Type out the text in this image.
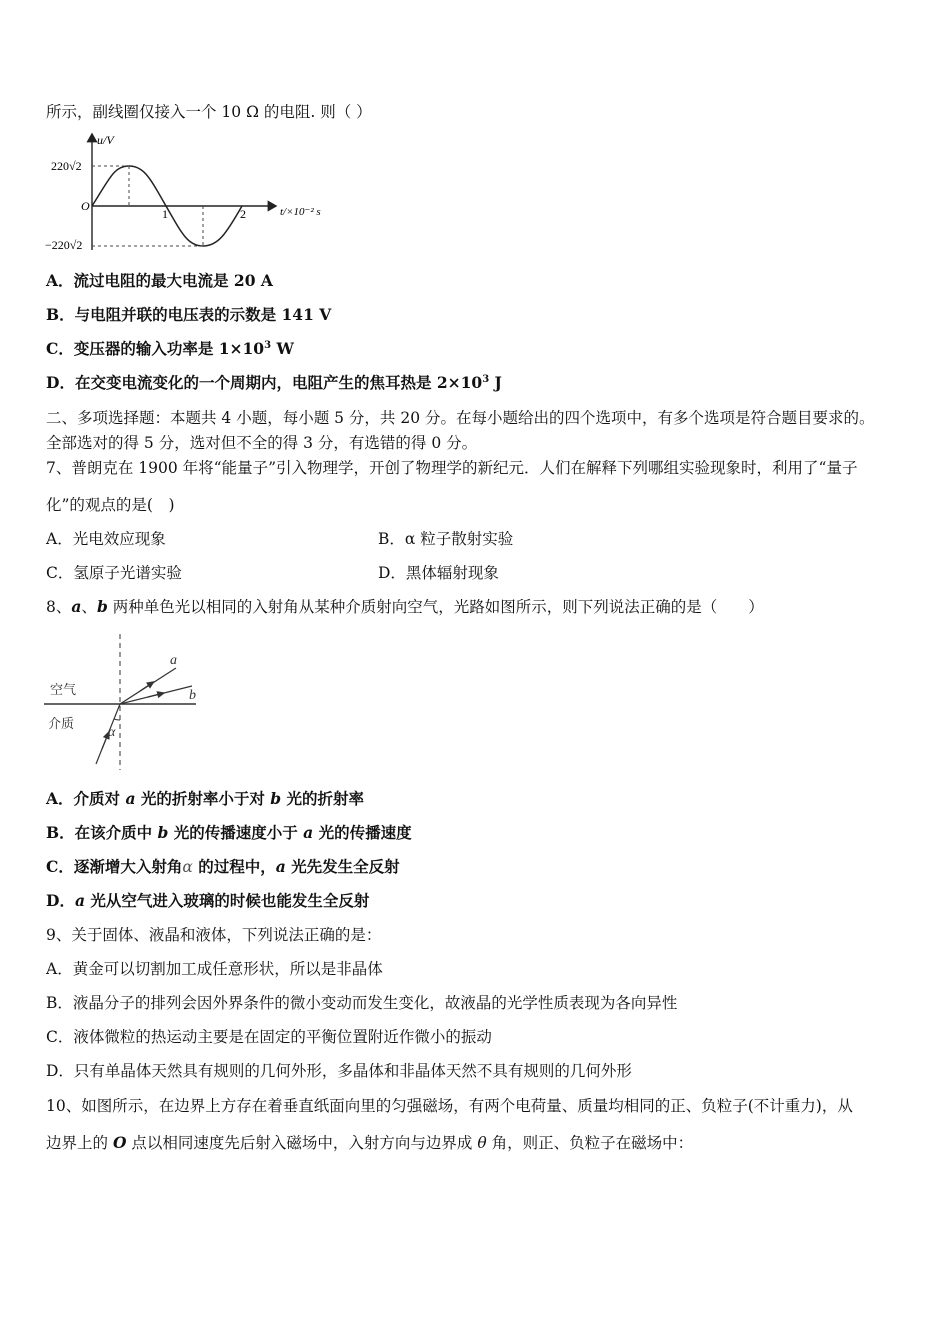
所示，副线圈仅接入一个 10 Ω 的电阻. 则（ ）
u/V
t/×10⁻² s
O
1	2
220√2
−220√2
A．流过电阻的最大电流是 20 A
B．与电阻并联的电压表的示数是 141 V
C．变压器的输入功率是 $1\times 10^3$ W
D．在交变电流变化的一个周期内，电阻产生的焦耳热是 $2\times 10^3$ J
二、多项选择题：本题共 4 小题，每小题 5 分，共 20 分。在每小题给出的四个选项中，有多个选项是符合题目要求的。
全部选对的得 5 分，选对但不全的得 3 分，有选错的得 0 分。
7、普朗克在 1900 年将“能量子”引入物理学，开创了物理学的新纪元．人们在解释下列哪组实验现象时，利用了“量子
化”的观点的是(　)
A．光电效应现象	B．α 粒子散射实验
C．氢原子光谱实验	D．黑体辐射现象
8、a、b 两种单色光以相同的入射角从某种介质射向空气，光路如图所示，则下列说法正确的是（　　）
空气
介质
a
b
α
A．介质对 a 光的折射率小于对 b 光的折射率
B．在该介质中 b 光的传播速度小于 a 光的传播速度
C．逐渐增大入射角α 的过程中，a 光先发生全反射
D．a 光从空气进入玻璃的时候也能发生全反射
9、关于固体、液晶和液体，下列说法正确的是：
A．黄金可以切割加工成任意形状，所以是非晶体
B．液晶分子的排列会因外界条件的微小变动而发生变化，故液晶的光学性质表现为各向异性
C．液体微粒的热运动主要是在固定的平衡位置附近作微小的振动
D．只有单晶体天然具有规则的几何外形，多晶体和非晶体天然不具有规则的几何外形
10、如图所示，在边界上方存在着垂直纸面向里的匀强磁场，有两个电荷量、质量均相同的正、负粒子(不计重力)，从
边界上的 O 点以相同速度先后射入磁场中，入射方向与边界成 θ 角，则正、负粒子在磁场中：
